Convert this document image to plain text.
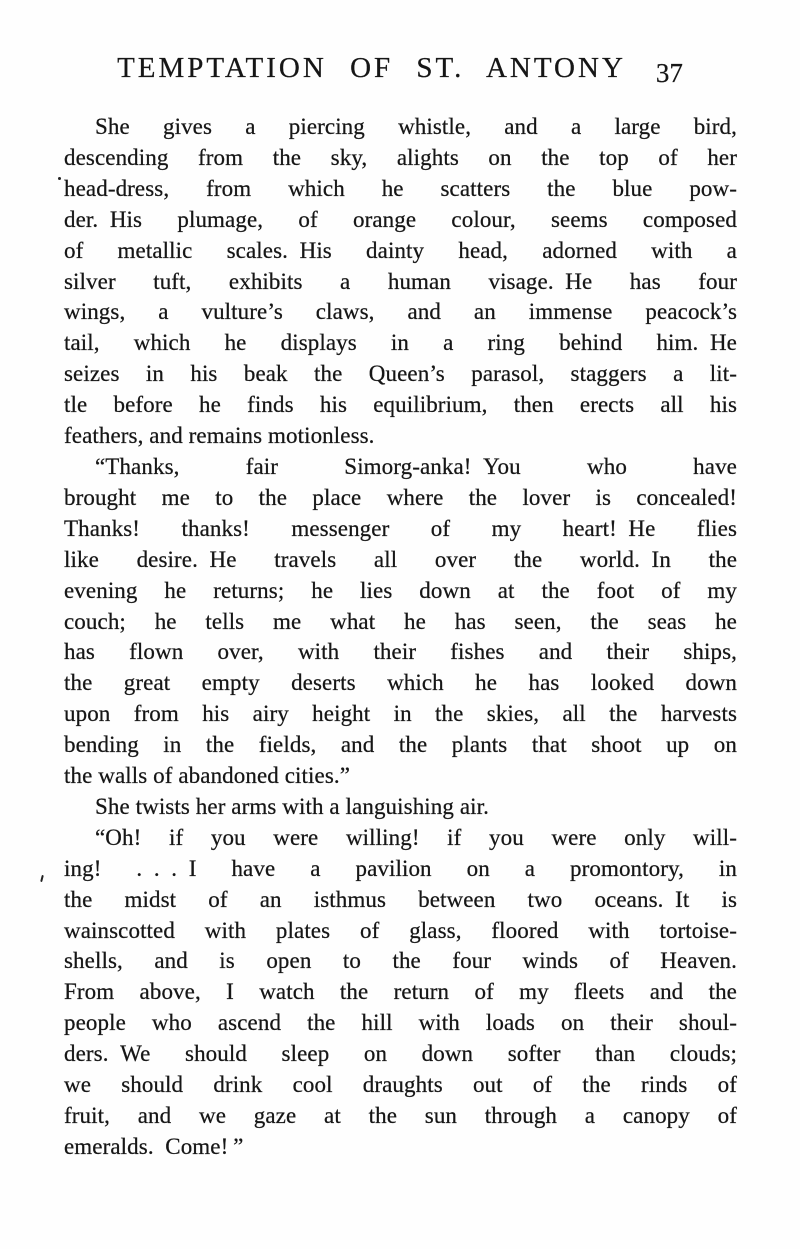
TEMPTATION OF ST. ANTONY 37
She gives a piercing whistle, and a large bird,
descending from the sky, alights on the top of her
head-dress, from which he scatters the blue pow-
der. His plumage, of orange colour, seems composed
of metallic scales. His dainty head, adorned with a
silver tuft, exhibits a human visage. He has four
wings, a vulture’s claws, and an immense peacock’s
tail, which he displays in a ring behind him. He
seizes in his beak the Queen’s parasol, staggers a lit-
tle before he finds his equilibrium, then erects all his
feathers, and remains motionless.
“Thanks, fair Simorg-anka! You who have
brought me to the place where the lover is concealed!
Thanks! thanks! messenger of my heart! He flies
like desire. He travels all over the world. In the
evening he returns; he lies down at the foot of my
couch; he tells me what he has seen, the seas he
has flown over, with their fishes and their ships,
the great empty deserts which he has looked down
upon from his airy height in the skies, all the harvests
bending in the fields, and the plants that shoot up on
the walls of abandoned cities.”
She twists her arms with a languishing air.
“Oh! if you were willing! if you were only will-
ing! . . . I have a pavilion on a promontory, in
the midst of an isthmus between two oceans. It is
wainscotted with plates of glass, floored with tortoise-
shells, and is open to the four winds of Heaven.
From above, I watch the return of my fleets and the
people who ascend the hill with loads on their shoul-
ders. We should sleep on down softer than clouds;
we should drink cool draughts out of the rinds of
fruit, and we gaze at the sun through a canopy of
emeralds. Come! ”
